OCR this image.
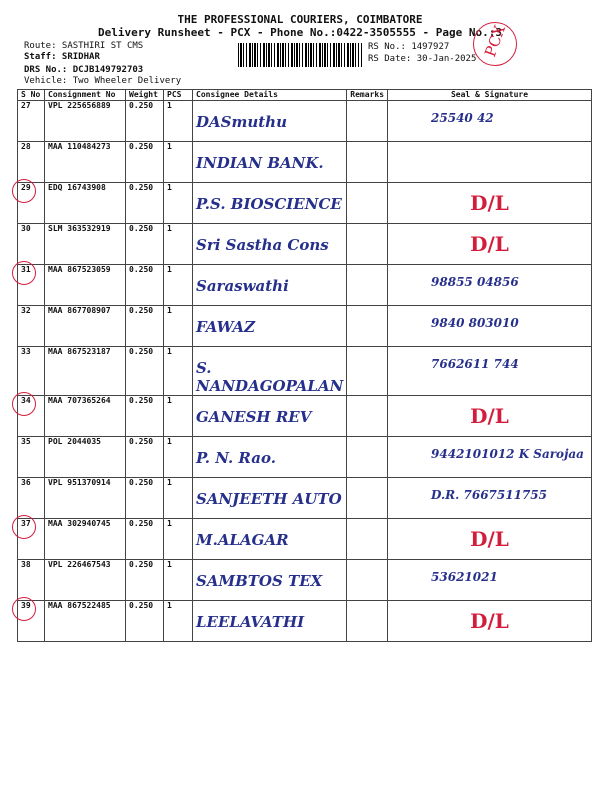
THE PROFESSIONAL COURIERS, COIMBATORE
Delivery Runsheet - PCX - Phone No.:0422-3505555 - Page No.:3
Route: SASTHIRI ST CMS
Staff: SRIDHAR
DRS No.: DCJB149792703
Vehicle: Two Wheeler Delivery
RS No.: 1497927
RS Date: 30-Jan-2025 PCX
S No	Consignment No	Weight	PCS	Consignee Details	Remarks	Seal & Signature
27	VPL 225656889	0.250	1	DASmuthu		25540 42

28	MAA 110484273	0.250	1	INDIAN BANK.		

29	EDQ 16743908	0.250	1	P.S. BIOSCIENCE		D/L

30	SLM 363532919	0.250	1	Sri Sastha Cons		D/L

31	MAA 867523059	0.250	1	Saraswathi		98855 04856

32	MAA 867708907	0.250	1	FAWAZ		9840 803010

33	MAA 867523187	0.250	1	S. NANDAGOPALAN		7662611 744

34	MAA 707365264	0.250	1	GANESH REV		D/L

35	POL 2044035	0.250	1	P. N. Rao.		9442101012 K Sarojaa

36	VPL 951370914	0.250	1	SANJEETH AUTO		D.R. 7667511755

37	MAA 302940745	0.250	1	M.ALAGAR		D/L

38	VPL 226467543	0.250	1	SAMBTOS TEX		53621021

39	MAA 867522485	0.250	1	LEELAVATHI		D/L
